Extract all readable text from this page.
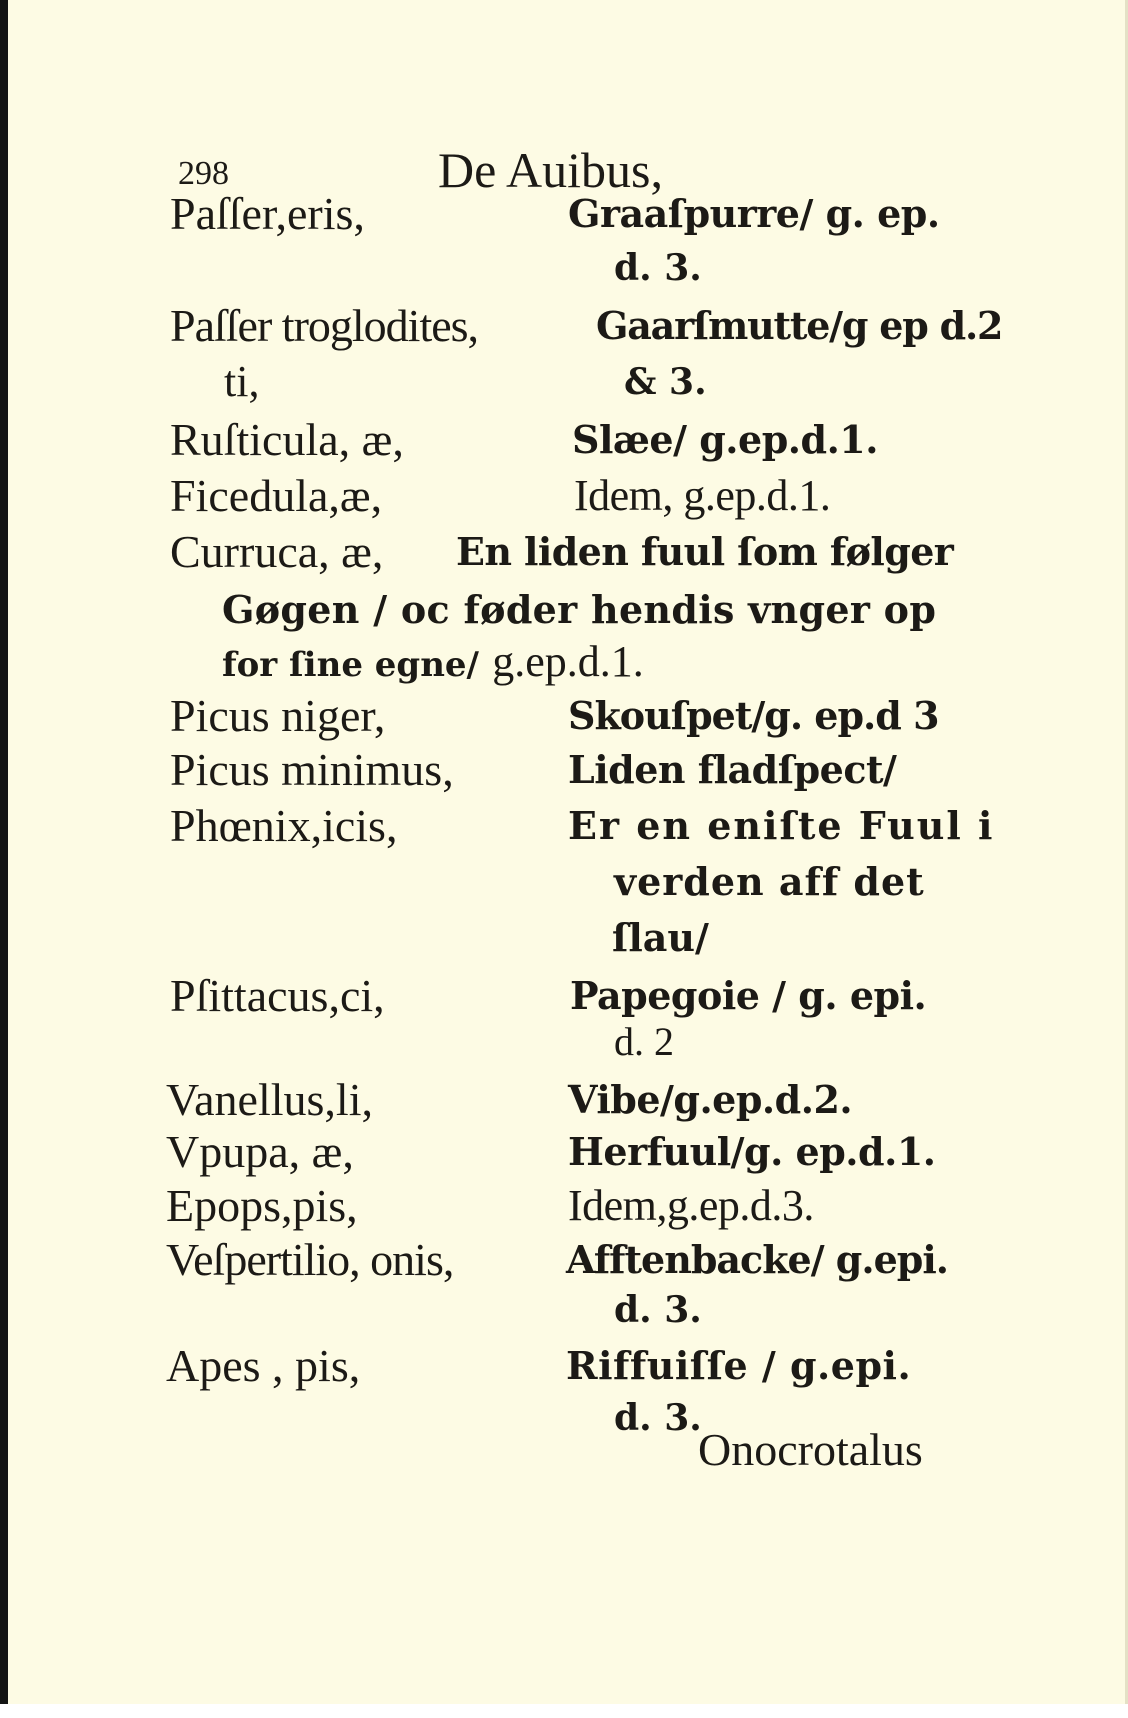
298	De Auibus,
Paſſer,eris,	Graaſpurre/ g. ep.
d. 3.
Paſſer troglodites,	Gaarſmutte/g ep d.2
ti,	& 3.
Ruſticula, æ,	Slæe/ g.ep.d.1.
Ficedula,æ,	Idem, g.ep.d.1.
Curruca, æ, En liden fuul ſom følger
Gøgen / oc føder hendis vnger op
for ſine egne/ g.ep.d.1.
Picus niger,	Skouſpet/g. ep.d 3
Picus minimus,	Liden fladſpect/
Phœnix,icis,	Er en eniſte Fuul i
verden aff det
ſlau/
Pſittacus,ci,	Papegoie / g. epi.
d. 2
Vanellus,li,	Vibe/g.ep.d.2.
Vpupa, æ,	Herfuul/g. ep.d.1.
Epops,pis,	Idem,g.ep.d.3.
Veſpertilio, onis,	Afftenbacke/ g.epi.
d. 3.
Apes , pis,	Riffuiſſe / g.epi.
d. 3.
Onocrotalus
